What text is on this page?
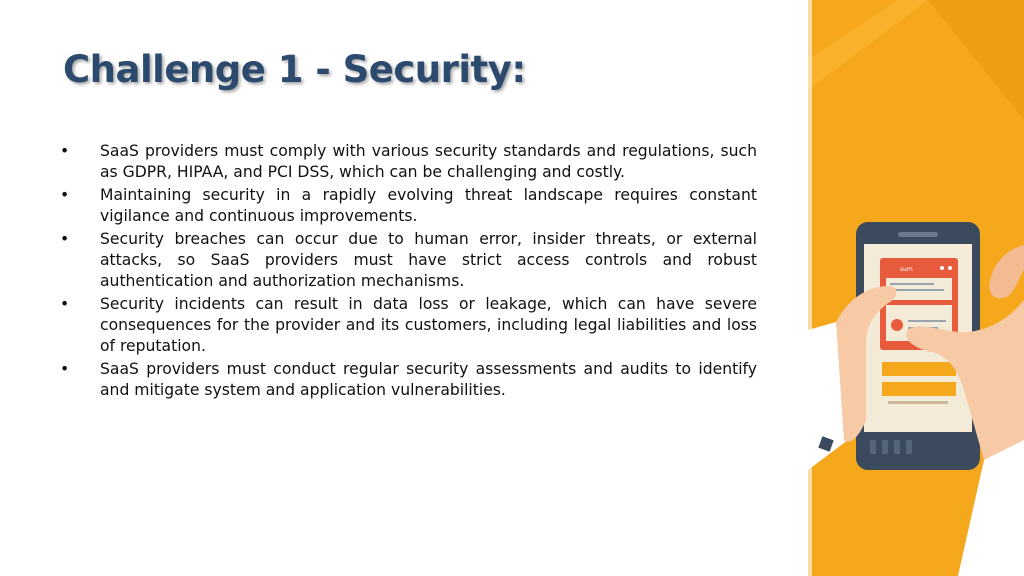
Challenge 1 - Security:
• SaaS providers must comply with various security standards and regulations, such as GDPR, HIPAA, and PCI DSS, which can be challenging and costly.
• Maintaining security in a rapidly evolving threat landscape requires constant vigilance and continuous improvements.
• Security breaches can occur due to human error, insider threats, or external attacks, so SaaS providers must have strict access controls and robust authentication and authorization mechanisms.
• Security incidents can result in data loss or leakage, which can have severe consequences for the provider and its customers, including legal liabilities and loss of reputation.
• SaaS providers must conduct regular security assessments and audits to identify and mitigate system and application vulnerabilities.
sum
